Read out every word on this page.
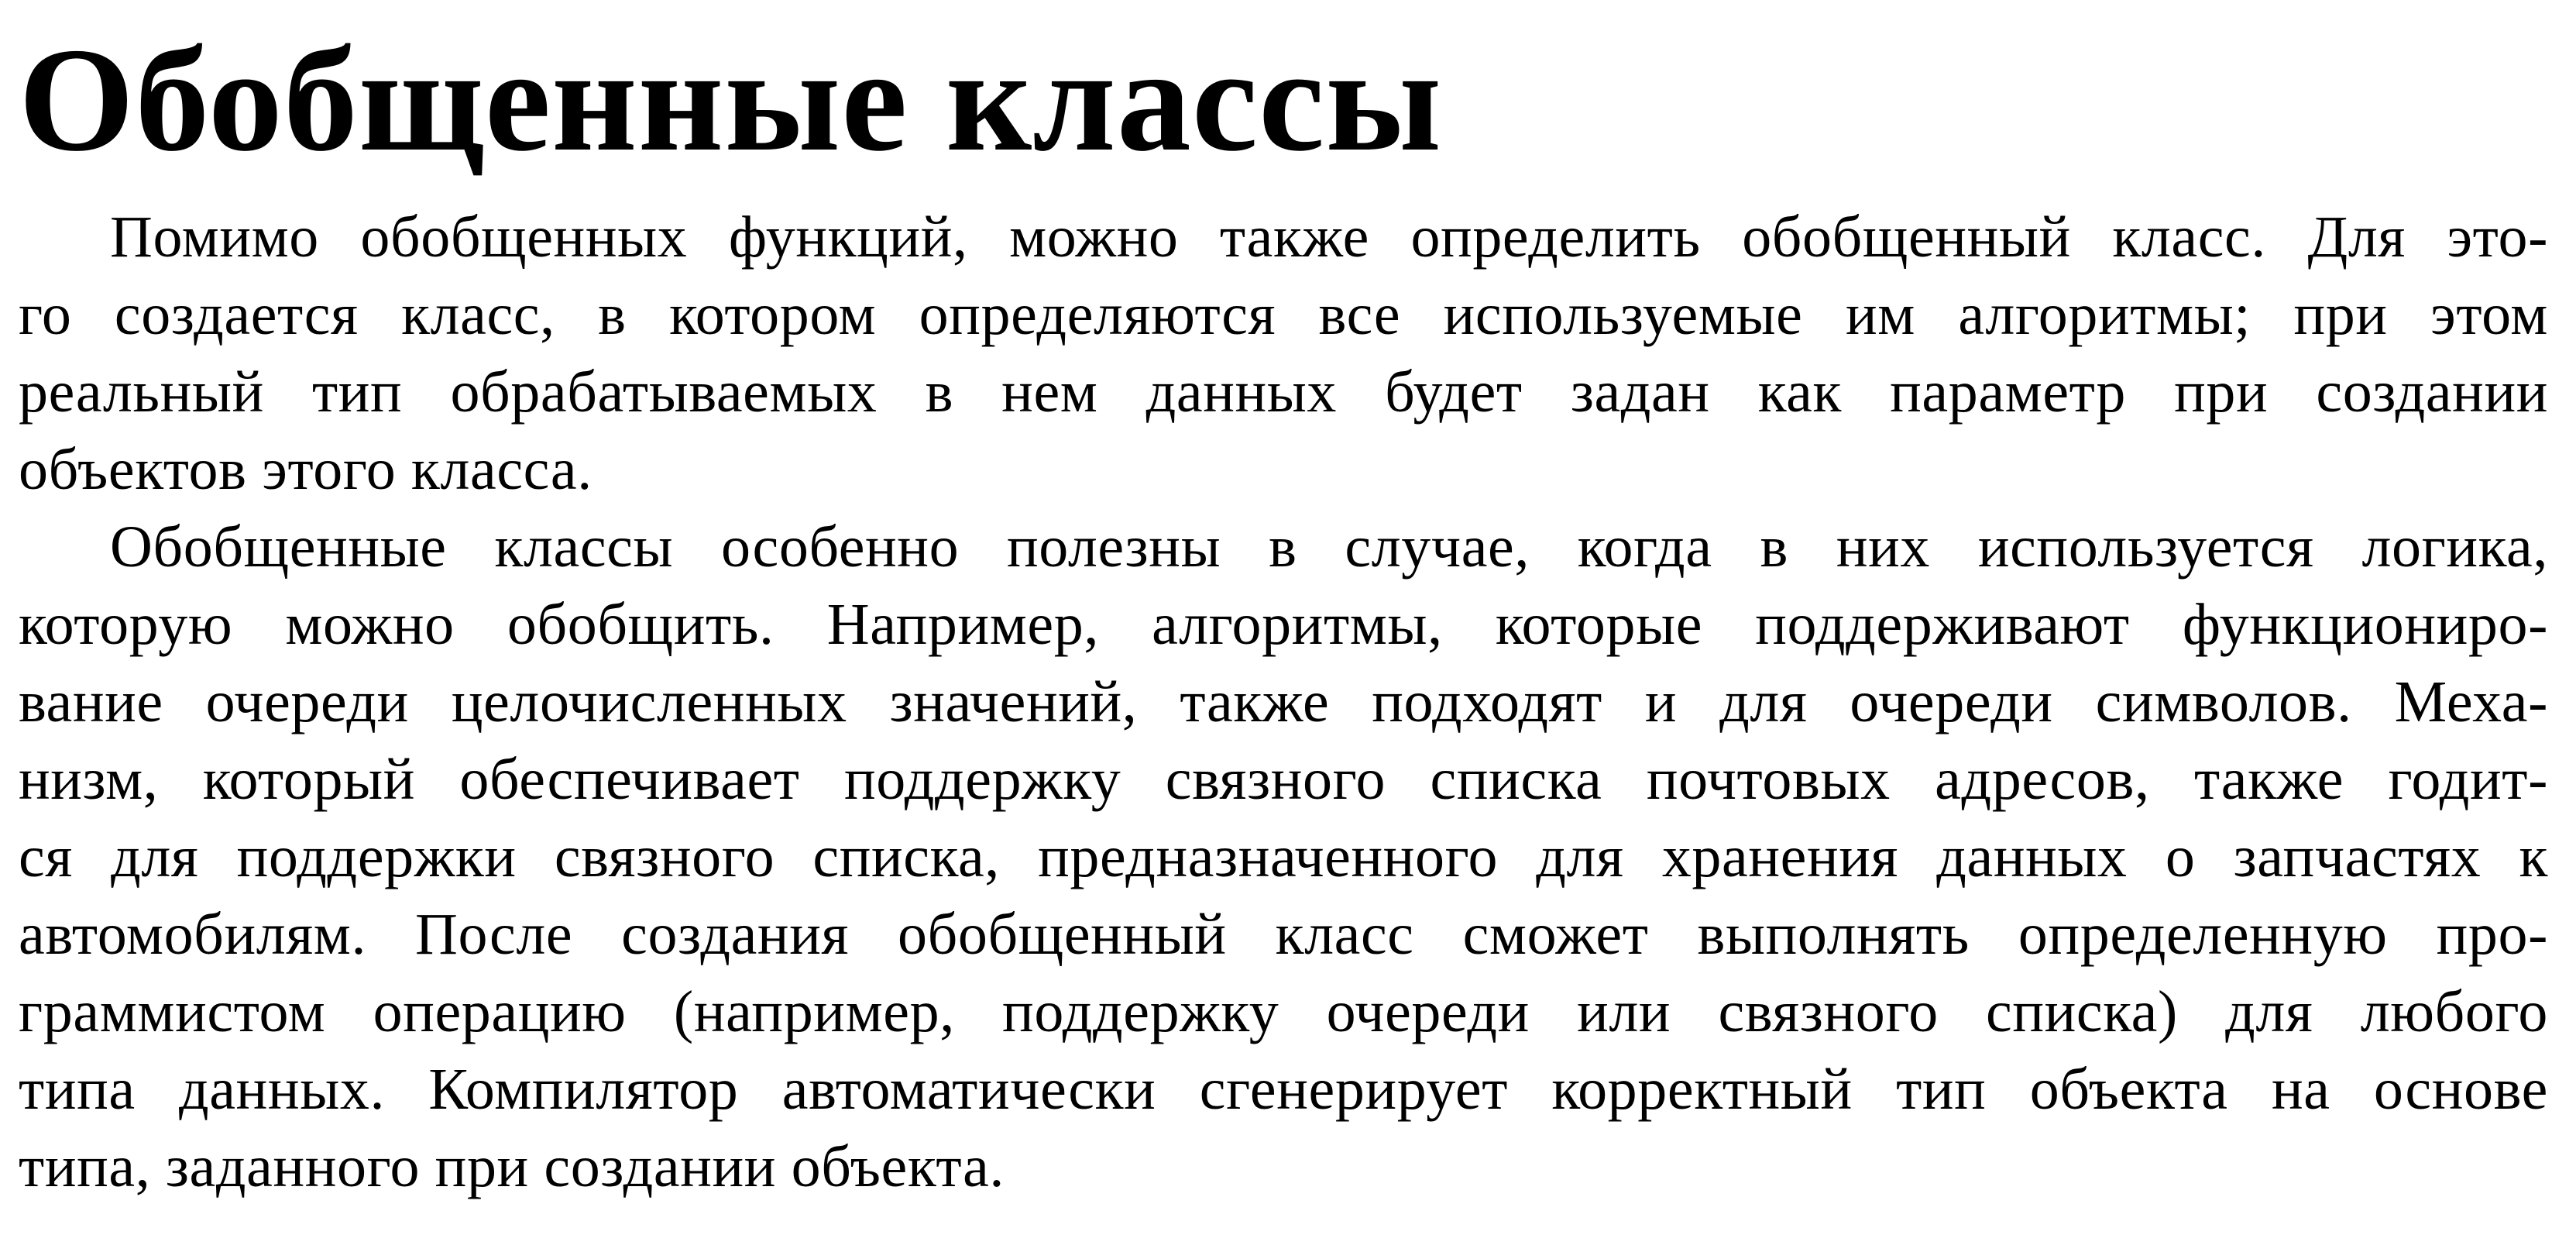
Обобщенные классы
Помимо обобщенных функций, можно также определить обобщенный класс. Для это-
го создается класс, в котором определяются все используемые им алгоритмы; при этом
реальный тип обрабатываемых в нем данных будет задан как параметр при создании
объектов этого класса.
Обобщенные классы особенно полезны в случае, когда в них используется логика,
которую можно обобщить. Например, алгоритмы, которые поддерживают функциониро-
вание очереди целочисленных значений, также подходят и для очереди символов. Меха-
низм, который обеспечивает поддержку связного списка почтовых адресов, также годит-
ся для поддержки связного списка, предназначенного для хранения данных о запчастях к
автомобилям. После создания обобщенный класс сможет выполнять определенную про-
граммистом операцию (например, поддержку очереди или связного списка) для любого
типа данных. Компилятор автоматически сгенерирует корректный тип объекта на основе
типа, заданного при создании объекта.
